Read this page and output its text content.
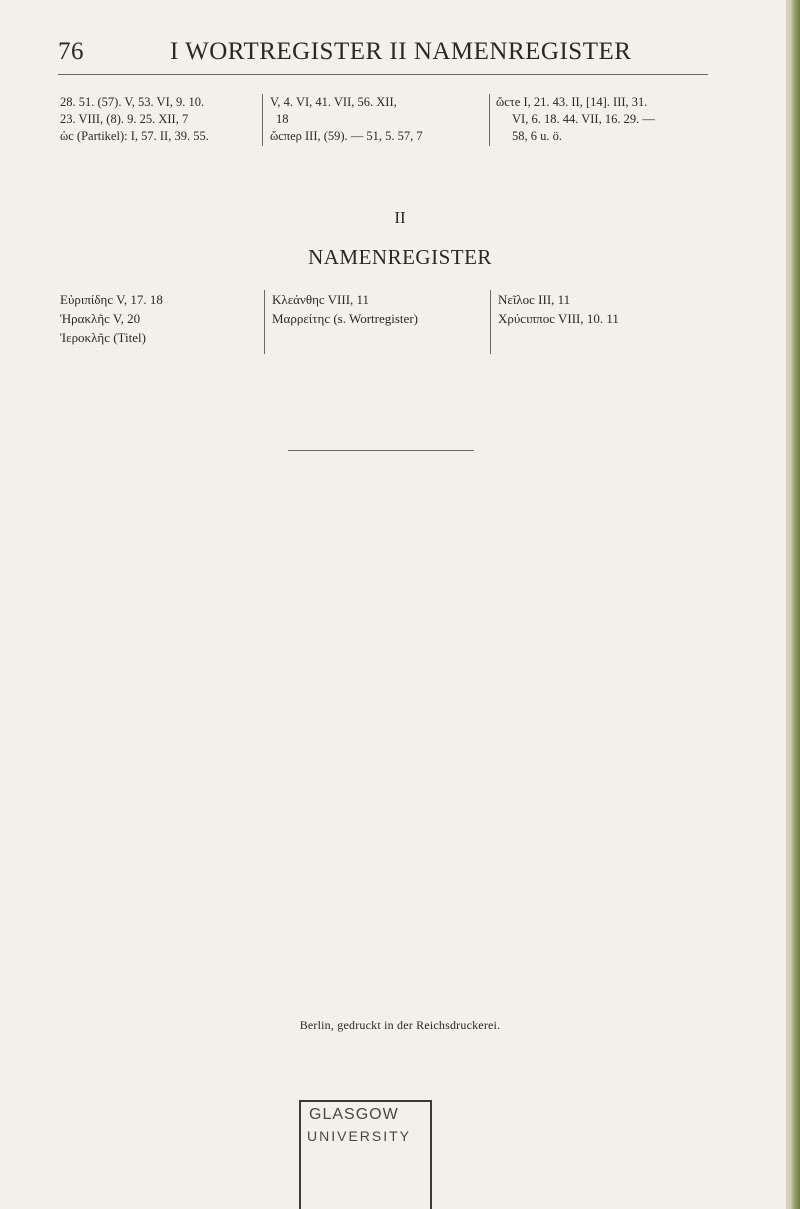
76	I WORTREGISTER II NAMENREGISTER
28. 51. (57). V, 53. VI, 9. 10.
23. VIII, (8). 9. 25. XII, 7
ὡc (Partikel): I, 57. II, 39. 55.
V, 4. VI, 41. VII, 56. XII,
18
ὥcπeρ III, (59). — 51, 5. 57, 7
ὥcτe I, 21. 43. II, [14]. III, 31.
VI, 6. 18. 44. VII, 16. 29. —
58, 6 u. ö.
II
NAMENREGISTER
Εὐριπίδηc V, 17. 18
Ἡρακλῆc V, 20
Ἱεροκλῆc (Titel)
Κλεάνθηc VIII, 11
Μαρρείτηc (s. Wortregister)
Νεῖλοc III, 11
Χρύcιπποc VIII, 10. 11
Berlin, gedruckt in der Reichsdruckerei.
GLASGOW
UNIVERSITY
